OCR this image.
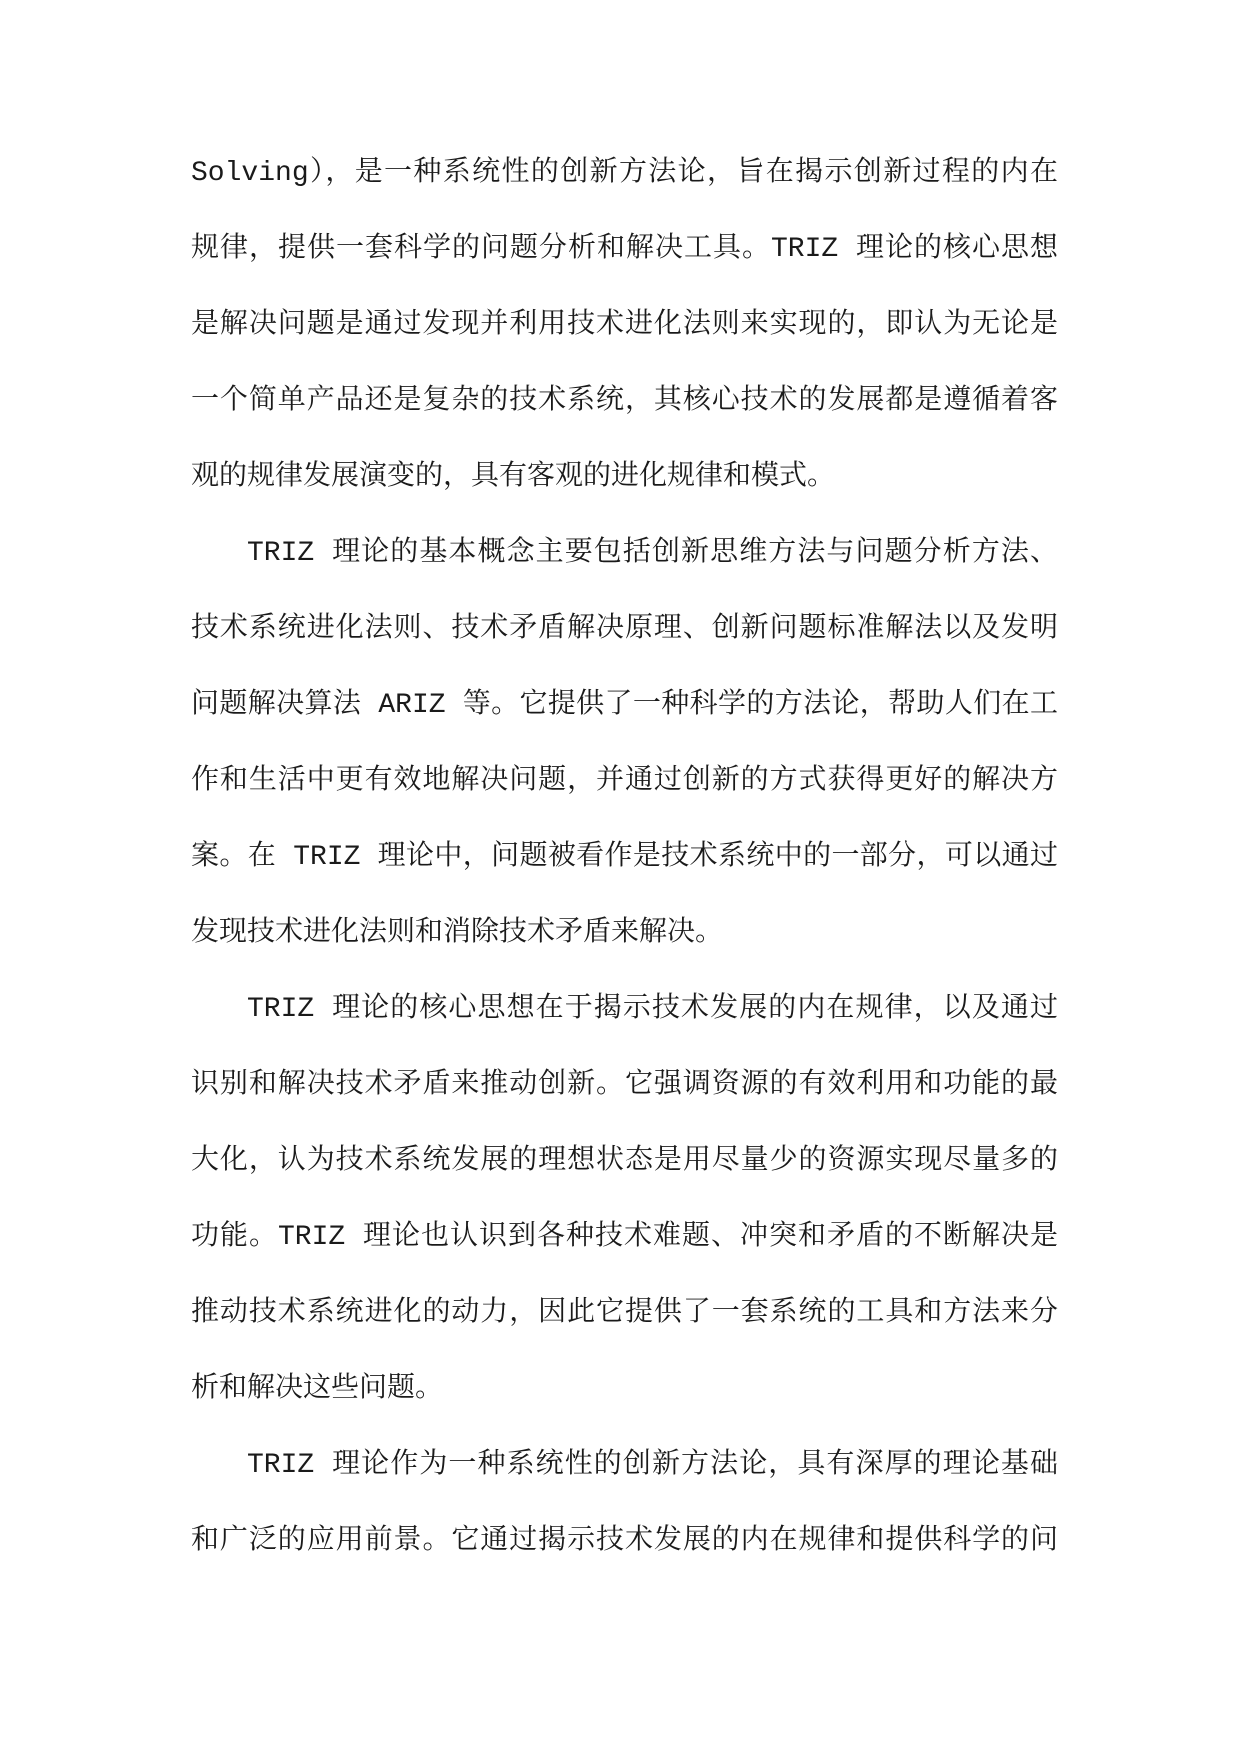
Solving），是一种系统性的创新方法论，旨在揭示创新过程的内在
规律，提供一套科学的问题分析和解决工具。TRIZ 理论的核心思想
是解决问题是通过发现并利用技术进化法则来实现的，即认为无论是
一个简单产品还是复杂的技术系统，其核心技术的发展都是遵循着客
观的规律发展演变的，具有客观的进化规律和模式。
TRIZ 理论的基本概念主要包括创新思维方法与问题分析方法、
技术系统进化法则、技术矛盾解决原理、创新问题标准解法以及发明
问题解决算法 ARIZ 等。它提供了一种科学的方法论，帮助人们在工
作和生活中更有效地解决问题，并通过创新的方式获得更好的解决方
案。在 TRIZ 理论中，问题被看作是技术系统中的一部分，可以通过
发现技术进化法则和消除技术矛盾来解决。
TRIZ 理论的核心思想在于揭示技术发展的内在规律，以及通过
识别和解决技术矛盾来推动创新。它强调资源的有效利用和功能的最
大化，认为技术系统发展的理想状态是用尽量少的资源实现尽量多的
功能。TRIZ 理论也认识到各种技术难题、冲突和矛盾的不断解决是
推动技术系统进化的动力，因此它提供了一套系统的工具和方法来分
析和解决这些问题。
TRIZ 理论作为一种系统性的创新方法论，具有深厚的理论基础
和广泛的应用前景。它通过揭示技术发展的内在规律和提供科学的问
